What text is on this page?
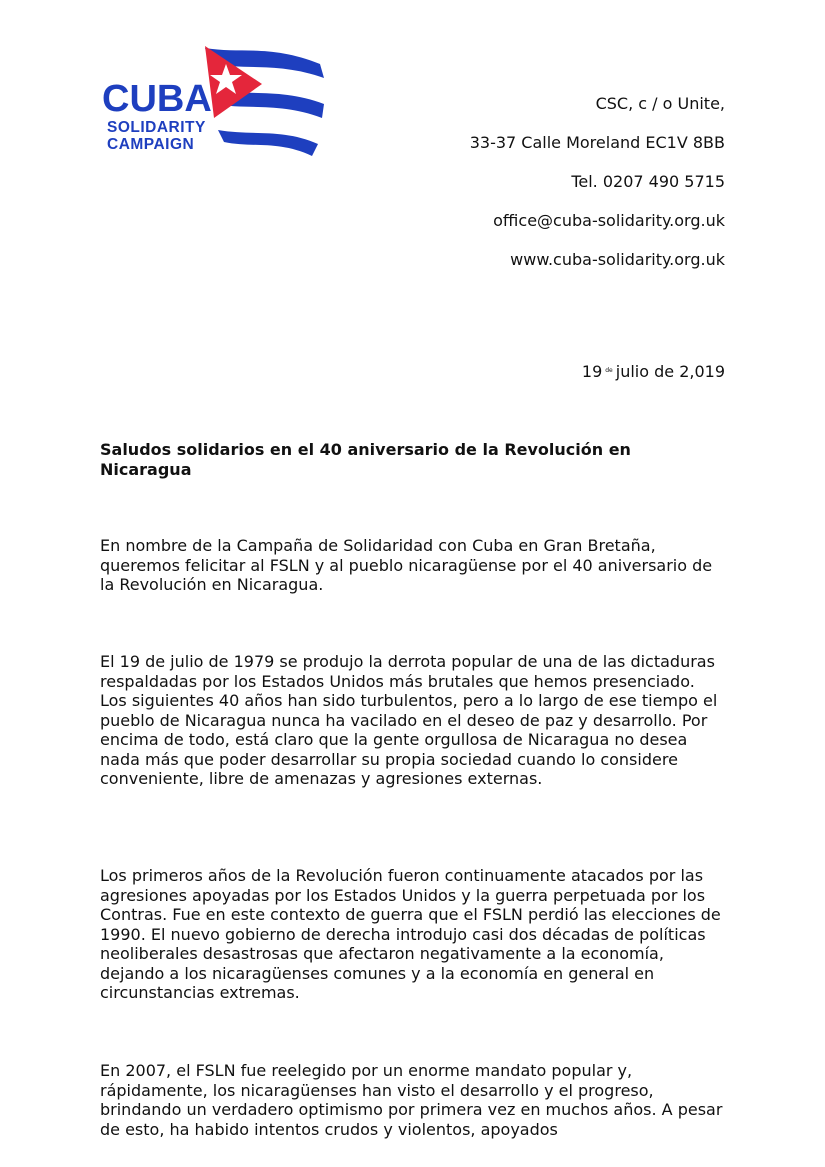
CUBA
SOLIDARITY
CAMPAIGN
CSC, c / o Unite,
33-37 Calle Moreland EC1V 8BB
Tel. 0207 490 5715
office@cuba-solidarity.org.uk
www.cuba-solidarity.org.uk
19 $^{de}$ julio de 2,019
Saludos solidarios en el 40 aniversario de la Revolución en Nicaragua
En nombre de la Campaña de Solidaridad con Cuba en Gran Bretaña, queremos felicitar al FSLN y al pueblo nicaragüense por el 40 aniversario de la Revolución en Nicaragua.
El 19 de julio de 1979 se produjo la derrota popular de una de las dictaduras respaldadas por los Estados Unidos más brutales que hemos presenciado. Los siguientes 40 años han sido turbulentos, pero a lo largo de ese tiempo el pueblo de Nicaragua nunca ha vacilado en el deseo de paz y desarrollo. Por encima de todo, está claro que la gente orgullosa de Nicaragua no desea nada más que poder desarrollar su propia sociedad cuando lo considere conveniente, libre de amenazas y agresiones externas.
Los primeros años de la Revolución fueron continuamente atacados por las agresiones apoyadas por los Estados Unidos y la guerra perpetuada por los Contras. Fue en este contexto de guerra que el FSLN perdió las elecciones de 1990. El nuevo gobierno de derecha introdujo casi dos décadas de políticas neoliberales desastrosas que afectaron negativamente a la economía, dejando a los nicaragüenses comunes y a la economía en general en circunstancias extremas.
En 2007, el FSLN fue reelegido por un enorme mandato popular y, rápidamente, los nicaragüenses han visto el desarrollo y el progreso, brindando un verdadero optimismo por primera vez en muchos años. A pesar de esto, ha habido intentos crudos y violentos, apoyados
